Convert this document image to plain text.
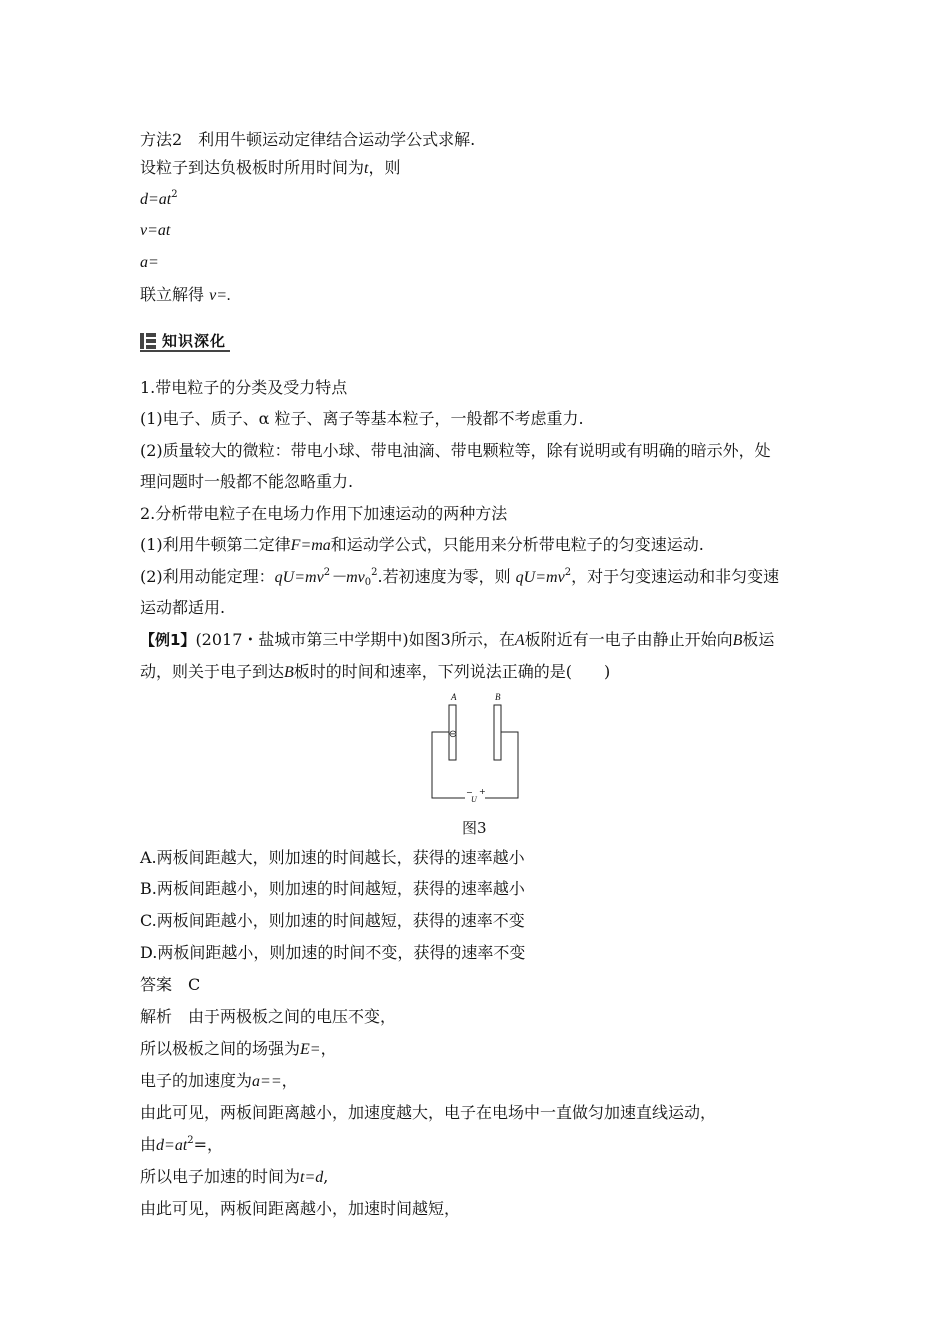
方法2　利用牛顿运动定律结合运动学公式求解.
设粒子到达负极板时所用时间为t，则
$d=at^2$
v=at
a=
联立解得 v=.
知识深化
1.带电粒子的分类及受力特点
(1)电子、质子、α 粒子、离子等基本粒子，一般都不考虑重力.
(2)质量较大的微粒：带电小球、带电油滴、带电颗粒等，除有说明或有明确的暗示外，处
理问题时一般都不能忽略重力.
2.分析带电粒子在电场力作用下加速运动的两种方法
(1)利用牛顿第二定律F=ma和运动学公式，只能用来分析带电粒子的匀变速运动.
(2)利用动能定理：$qU=mv^2-mv_0^2$.若初速度为零，则 $qU=mv^2$，对于匀变速运动和非匀变速
运动都适用.
【例1】(2017・盐城市第三中学期中)如图3所示，在A板附近有一电子由静止开始向B板运
动，则关于电子到达B板时的时间和速率，下列说法正确的是(　　)
A	B
⊖
− +
U
图3
A.两板间距越大，则加速的时间越长，获得的速率越小
B.两板间距越小，则加速的时间越短，获得的速率越小
C.两板间距越小，则加速的时间越短，获得的速率不变
D.两板间距越小，则加速的时间不变，获得的速率不变
答案　C
解析　由于两极板之间的电压不变，
所以极板之间的场强为E=，
电子的加速度为a==，
由此可见，两板间距离越小，加速度越大，电子在电场中一直做匀加速直线运动，
由$d=at^2=$，
所以电子加速的时间为t=d,
由此可见，两板间距离越小，加速时间越短，
